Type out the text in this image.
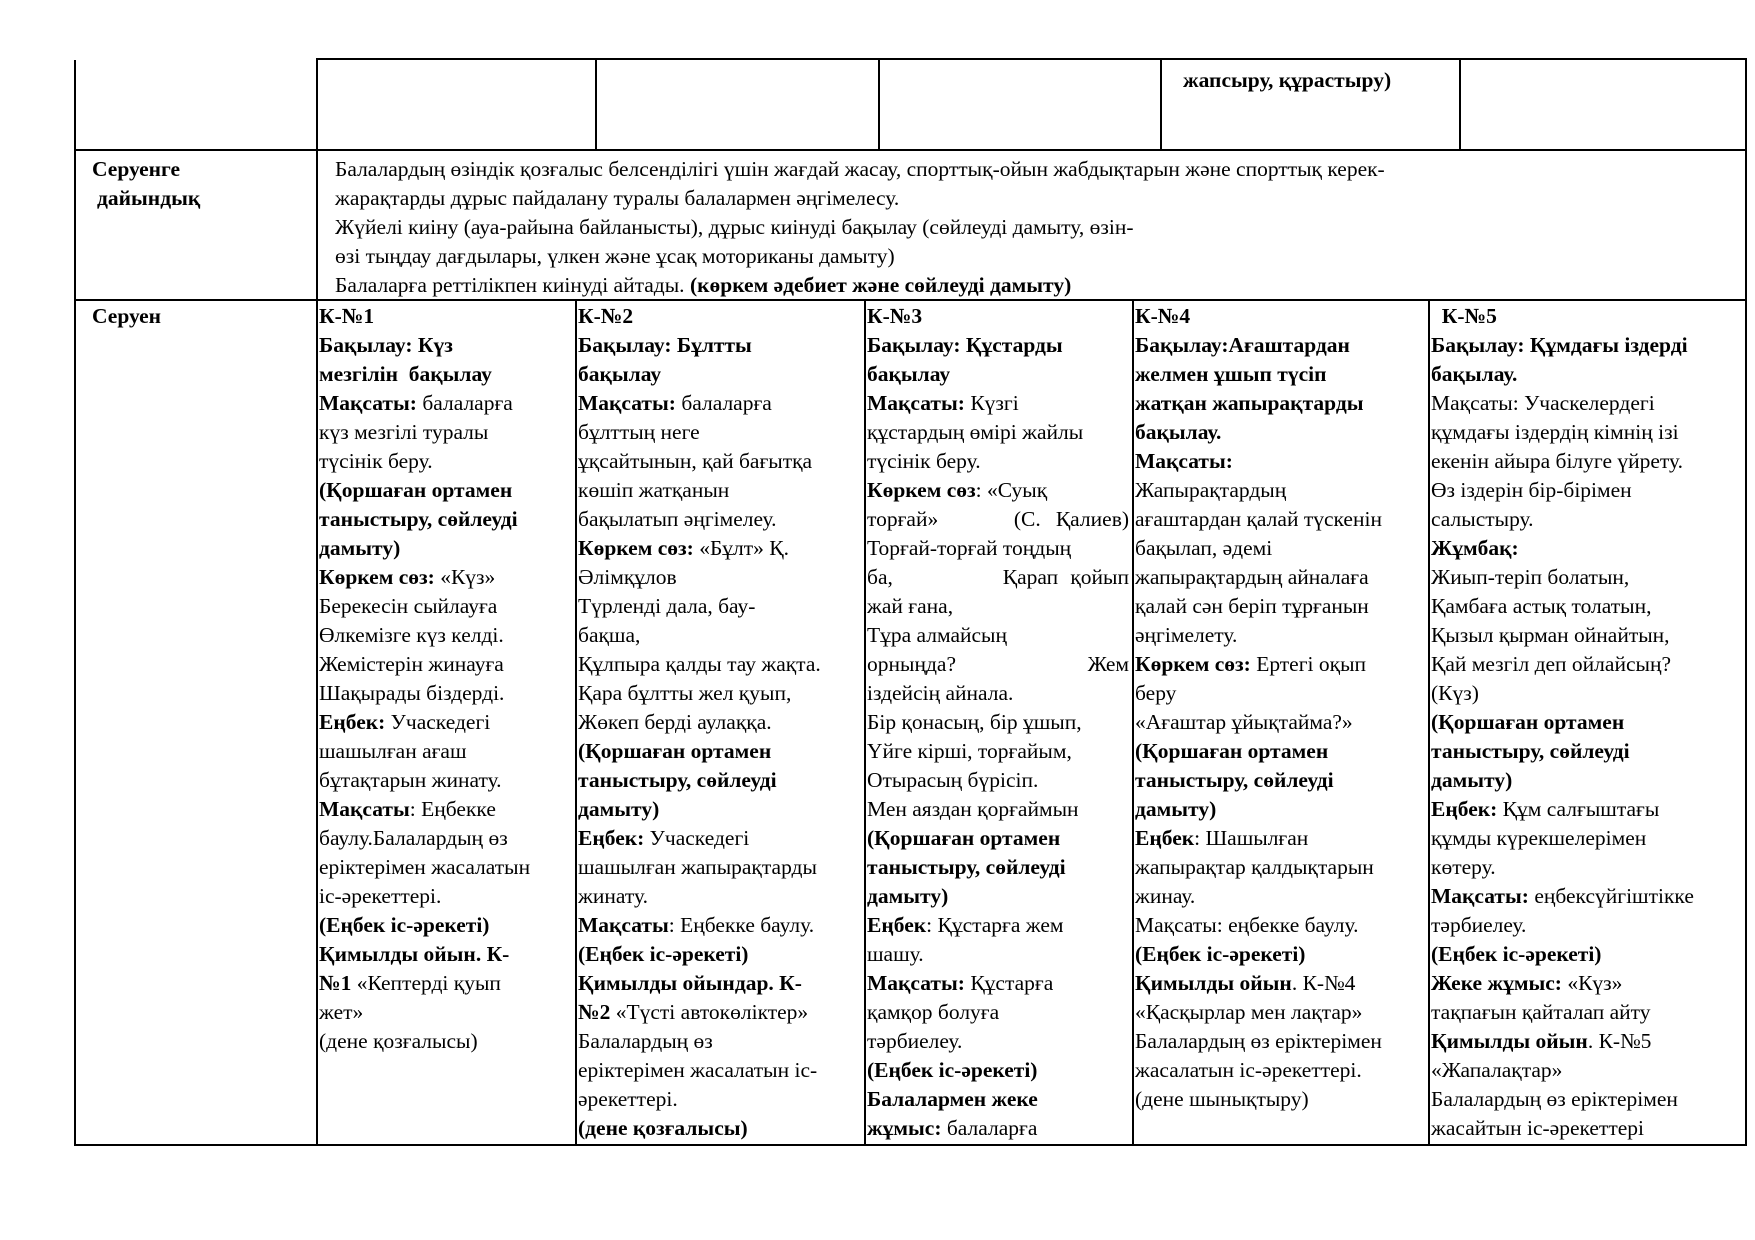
жапсыру, құрастыру)
Серуенге
дайындық
Балалардың өзіндік қозғалыс белсенділігі үшін жағдай жасау, спорттық-ойын жабдықтарын және спорттық керек-
жарақтарды дұрыс пайдалану туралы балалармен әңгімелесу.
Жүйелі киіну (ауа-райына байланысты), дұрыс киінуді бақылау (сөйлеуді дамыту, өзін-
өзі тыңдау дағдылары, үлкен және ұсақ моториканы дамыту)
Балаларға реттілікпен киінуді айтады. (көркем әдебиет және сөйлеуді дамыту)
Серуен	К-№1
Бақылау: Күз
мезгілін  бақылау
Мақсаты: балаларға
күз мезгілі туралы
түсінік беру.
(Қоршаған ортамен
таныстыру, сөйлеуді
дамыту)
Көркем сөз: «Күз»
Берекесін сыйлауға
Өлкемізге күз келді.
Жемістерін жинауға
Шақырады біздерді.
Еңбек: Учаскедегі
шашылған ағаш
бұтақтарын жинату.
Мақсаты: Еңбекке
баулу.Балалардың өз
еріктерімен жасалатын
іс-әрекеттері.
(Еңбек іс-әрекеті)
Қимылды ойын. К-
№1 «Кептерді қуып
жет»
(дене қозғалысы)
К-№2
Бақылау: Бұлтты
бақылау
Мақсаты: балаларға
бұлттың неге
ұқсайтынын, қай бағытқа
көшіп жатқанын
бақылатып әңгімелеу.
Көркем сөз: «Бұлт» Қ.
Әлімқұлов
Түрленді дала, бау-
бақша,
Құлпыра қалды тау жақта.
Қара бұлтты жел қуып,
Жөкеп берді аулаққа.
(Қоршаған ортамен
таныстыру, сөйлеуді
дамыту)
Еңбек: Учаскедегі
шашылған жапырақтарды
жинату.
Мақсаты: Еңбекке баулу.
(Еңбек іс-әрекеті)
Қимылды ойындар. К-
№2 «Түсті автокөліктер»
Балалардың өз
еріктерімен жасалатын іс-
әрекеттері.
(дене қозғалысы)
К-№3
Бақылау: Құстарды
бақылау
Мақсаты: Күзгі
құстардың өмірі жайлы
түсінік беру.
Көркем сөз: «Суық
торғай»     (С. Қалиев)
Торғай-торғай тоңдың
ба,         Қарап қойып
жай ғана,
Тұра алмайсың
орныңда?          Жем
іздейсің айнала.
Бір қонасың, бір ұшып,
Үйге кірші, торғайым,
Отырасың бүрісіп.
Мен аяздан қорғаймын
(Қоршаған ортамен
таныстыру, сөйлеуді
дамыту)
Еңбек: Құстарға жем
шашу.
Мақсаты: Құстарға
қамқор болуға
тәрбиелеу.
(Еңбек іс-әрекеті)
Балалармен жеке
жұмыс: балаларға
К-№4
Бақылау:Ағаштардан
желмен ұшып түсіп
жатқан жапырақтарды
бақылау.
Мақсаты:
Жапырақтардың
ағаштардан қалай түскенін
бақылап, әдемі
жапырақтардың айналаға
қалай сән беріп тұрғанын
әңгімелету.
Көркем сөз: Ертегі оқып
беру
«Ағаштар ұйықтайма?»
(Қоршаған ортамен
таныстыру, сөйлеуді
дамыту)
Еңбек: Шашылған
жапырақтар қалдықтарын
жинау.
Мақсаты: еңбекке баулу.
(Еңбек іс-әрекеті)
Қимылды ойын. К-№4
«Қасқырлар мен лақтар»
Балалардың өз еріктерімен
жасалатын іс-әрекеттері.
(дене шынықтыру)
К-№5
Бақылау: Құмдағы іздерді
бақылау.
Мақсаты: Учаскелердегі
құмдағы іздердің кімнің ізі
екенін айыра білуге үйрету.
Өз іздерін бір-бірімен
салыстыру.
Жұмбақ:
Жиып-теріп болатын,
Қамбаға астық толатын,
Қызыл қырман ойнайтын,
Қай мезгіл деп ойлайсың?
(Күз)
(Қоршаған ортамен
таныстыру, сөйлеуді
дамыту)
Еңбек: Құм салғыштағы
құмды күрекшелерімен
көтеру.
Мақсаты: еңбексүйгіштікке
тәрбиелеу.
(Еңбек іс-әрекеті)
Жеке жұмыс: «Күз»
тақпағын қайталап айту
Қимылды ойын. К-№5
«Жапалақтар»
Балалардың өз еріктерімен
жасайтын іс-әрекеттері
